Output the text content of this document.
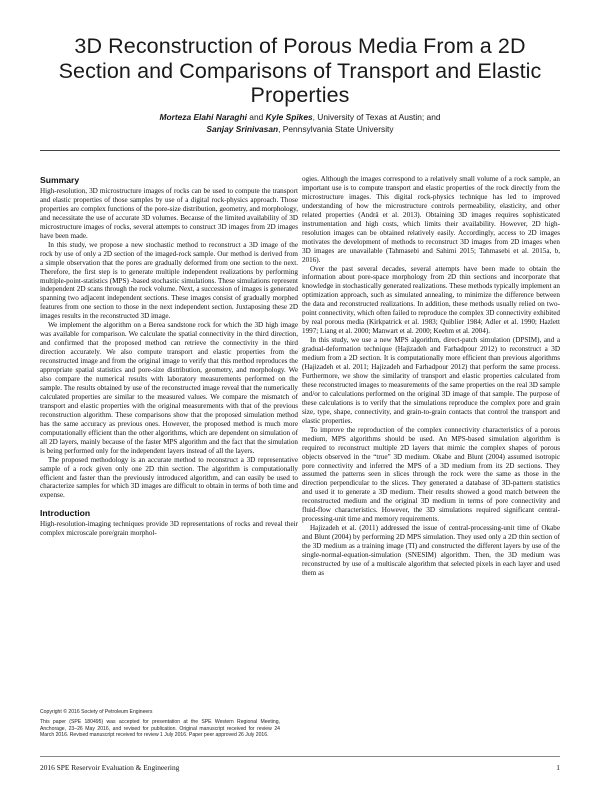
3D Reconstruction of Porous Media From a 2D Section and Comparisons of Transport and Elastic Properties
Morteza Elahi Naraghi and Kyle Spikes, University of Texas at Austin; and
Sanjay Srinivasan, Pennsylvania State University
Summary

High-resolution, 3D microstructure images of rocks can be used to compute the transport and elastic properties of those samples by use of a digital rock-physics approach. Those properties are complex functions of the pore-size distribution, geometry, and morphology, and necessitate the use of accurate 3D volumes. Because of the limited availability of 3D microstructure images of rocks, several attempts to construct 3D images from 2D images have been made.

In this study, we propose a new stochastic method to reconstruct a 3D image of the rock by use of only a 2D section of the imaged-rock sample. Our method is derived from a simple observation that the pores are gradually deformed from one section to the next. Therefore, the first step is to generate multiple independent realizations by performing multiple-point-statistics (MPS) -based stochastic simulations. These simulations represent independent 2D scans through the rock volume. Next, a succession of images is generated spanning two adjacent independent sections. These images consist of gradually morphed features from one section to those in the next independent section. Juxtaposing these 2D images results in the reconstructed 3D image.

We implement the algorithm on a Berea sandstone rock for which the 3D high image was available for comparison. We calculate the spatial connectivity in the third direction, and confirmed that the proposed method can retrieve the connectivity in the third direction accurately. We also compute transport and elastic properties from the reconstructed image and from the original image to verify that this method reproduces the appropriate spatial statistics and pore-size distribution, geometry, and morphology. We also compare the numerical results with laboratory measurements performed on the sample. The results obtained by use of the reconstructed image reveal that the numerically calculated properties are similar to the measured values. We compare the mismatch of transport and elastic properties with the original measurements with that of the previous reconstruction algorithm. These comparisons show that the proposed simulation method has the same accuracy as previous ones. However, the proposed method is much more computationally efficient than the other algorithms, which are dependent on simulation of all 2D layers, mainly because of the faster MPS algorithm and the fact that the simulation is being performed only for the independent layers instead of all the layers.

The proposed methodology is an accurate method to reconstruct a 3D representative sample of a rock given only one 2D thin section. The algorithm is computationally efficient and faster than the previously introduced algorithm, and can easily be used to characterize samples for which 3D images are difficult to obtain in terms of both time and expense.

Introduction

High-resolution-imaging techniques provide 3D representations of rocks and reveal their complex microscale pore/grain morphol-

Copyright © 2016 Society of Petroleum Engineers

This paper (SPE 180495) was accepted for presentation at the SPE Western Regional Meeting, Anchorage, 23–26 May 2016, and revised for publication. Original manuscript received for review 24 March 2016. Revised manuscript received for review 1 July 2016. Paper peer approved 26 July 2016.

ogies. Although the images correspond to a relatively small volume of a rock sample, an important use is to compute transport and elastic properties of the rock directly from the microstructure images. This digital rock-physics technique has led to improved understanding of how the microstructure controls permeability, elasticity, and other related properties (Andrä et al. 2013). Obtaining 3D images requires sophisticated instrumentation and high costs, which limits their availability. However, 2D high-resolution images can be obtained relatively easily. Accordingly, access to 2D images motivates the development of methods to reconstruct 3D images from 2D images when 3D images are unavailable (Tahmasebi and Sahimi 2015; Tahmasebi et al. 2015a, b, 2016).

Over the past several decades, several attempts have been made to obtain the information about pore-space morphology from 2D thin sections and incorporate that knowledge in stochastically generated realizations. These methods typically implement an optimization approach, such as simulated annealing, to minimize the difference between the data and reconstructed realizations. In addition, these methods usually relied on two-point connectivity, which often failed to reproduce the complex 3D connectivity exhibited by real porous media (Kirkpatrick et al. 1983; Quiblier 1984; Adler et al. 1990; Hazlett 1997; Liang et al. 2000; Manwart et al. 2000; Keehm et al. 2004).

In this study, we use a new MPS algorithm, direct-patch simulation (DPSIM), and a gradual-deformation technique (Hajizadeh and Farhadpour 2012) to reconstruct a 3D medium from a 2D section. It is computationally more efficient than previous algorithms (Hajizadeh et al. 2011; Hajizadeh and Farhadpour 2012) that perform the same process. Furthermore, we show the similarity of transport and elastic properties calculated from these reconstructed images to measurements of the same properties on the real 3D sample and/or to calculations performed on the original 3D image of that sample. The purpose of these calculations is to verify that the simulations reproduce the complex pore and grain size, type, shape, connectivity, and grain-to-grain contacts that control the transport and elastic properties.

To improve the reproduction of the complex connectivity characteristics of a porous medium, MPS algorithms should be used. An MPS-based simulation algorithm is required to reconstruct multiple 2D layers that mimic the complex shapes of porous objects observed in the “true” 3D medium. Okabe and Blunt (2004) assumed isotropic pore connectivity and inferred the MPS of a 3D medium from its 2D sections. They assumed the patterns seen in slices through the rock were the same as those in the direction perpendicular to the slices. They generated a database of 3D-pattern statistics and used it to generate a 3D medium. Their results showed a good match between the reconstructed medium and the original 3D medium in terms of pore connectivity and fluid-flow characteristics. However, the 3D simulations required significant central-processing-unit time and memory requirements.

Hajizadeh et al. (2011) addressed the issue of central-processing-unit time of Okabe and Blunt (2004) by performing 2D MPS simulation. They used only a 2D thin section of the 3D medium as a training image (TI) and constructed the different layers by use of the single-normal-equation-simulation (SNESIM) algorithm. Then, the 3D medium was reconstructed by use of a multiscale algorithm that selected pixels in each layer and used them as

2016 SPE Reservoir Evaluation & Engineering	1
